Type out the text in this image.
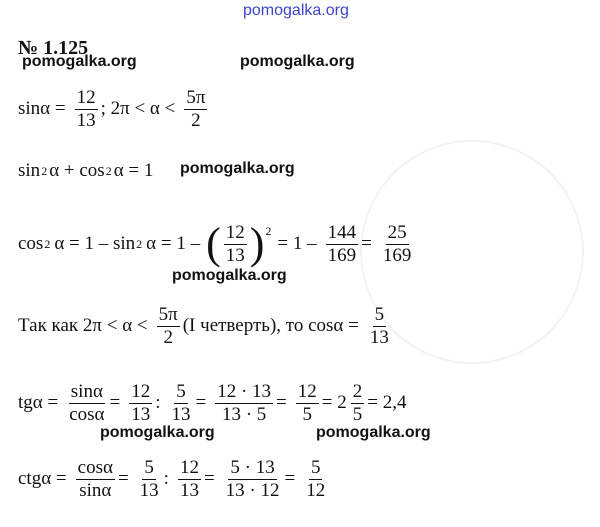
pomogalka.org
№ 1.125
pomogalka.org	pomogalka.org
pomogalka.org
pomogalka.org
pomogalka.org	pomogalka.org
$\sin\alpha = \frac{12}{13}$ ; $2\pi < \alpha < \frac{5\pi}{2}$
sin 2 α + cos 2 α = 1
cos 2 α = 1 – sin 2 α = 1 – ( $\frac{12}{13}$ ) 2
= $1 - \frac{144}{169} = \frac{25}{169}$
Так как $2\pi < \alpha < \frac{5\pi}{2} (I$ четверть), то $\cos\alpha = \frac{5}{13}$
$tg\alpha = \frac{\sin\alpha}{\cos\alpha} = \frac{12}{13}$ : $\frac{5}{13} = \frac{12 \cdot 13}{13 \cdot 5} = \frac{12}{5} = 2 \frac{2}{5} = 2,4$
$ctg\alpha = \frac{\cos\alpha}{\sin\alpha} = \frac{5}{13}$ : $\frac{12}{13} = \frac{5 \cdot 13}{13 \cdot 12} = \frac{5}{12}$
